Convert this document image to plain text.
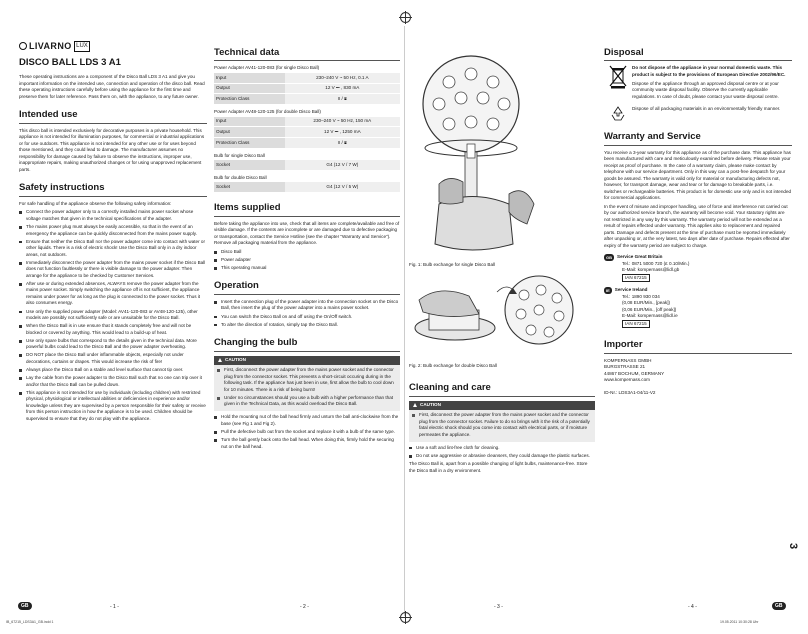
LIVARNO LUX
DISCO BALL LDS 3 A1

These operating instructions are a component of the Disco Ball LDS 3 A1 and give you important information on the intended use, connection and operation of the disco ball. Read these operating instructions carefully before using the appliance for the first time and preserve them for later reference. Pass them on, with the appliance, to any future owner.

Intended use

This disco ball is intended exclusively for decorative purposes in a private household. This appliance is not intended for illumination purposes, for commercial or industrial applications or for use outdoors. This appliance is not intended for any other use or for uses beyond those mentioned, and they could lead to damage. The manufacturer assumes no responsibility for damage caused by failure to observe the instructions, improper use, inappropriate repairs, making unauthorized changes or for using unapproved replacement parts.

Safety instructions

For safe handling of the appliance observe the following safety information:

Connect the power adapter only to a correctly installed mains power socket whose voltage matches that given in the technical specifications of the adapter.
The mains power plug must always be easily accessible, so that in the event of an emergency the appliance can be quickly disconnected from the mains power supply.
Ensure that neither the Disco Ball nor the power adapter come into contact with water or other liquids. There is a risk of electric shock! Use the Disco Ball only in a dry indoor areas, not outdoors.
Immediately disconnect the power adapter from the mains power socket if the Disco Ball does not function faultlessly or there is visible damage to the power adapter. Then arrange for the appliance to be checked by Customer Services.
After use or during extended absences, ALWAYS remove the power adapter from the mains power socket. Simply switching the appliance off is not sufficient, the appliance remains under power for as long as the plug is connected to the power socket. Thus it also consumes energy.
Use only the supplied power adapter (Model: AV41-120-083 or AV48-120-125), other models are possibly not sufficiently safe or are unsuitable for the Disco Ball.
When the Disco Ball is in use ensure that it stands completely free and will not be blocked or covered by anything. This would lead to a build-up of heat.
Use only spare bulbs that correspond to the details given in the technical data. More powerful bulbs could lead to the Disco Ball and the power adapter overheating.
DO NOT place the Disco Ball under inflammable objects, especially not under decorations, curtains or drapes. This would increase the risk of fire!
Always place the Disco Ball on a stable and level surface that cannot tip over.
Lay the cable from the power adapter to the Disco Ball such that no one can trip over it and/or that the Disco Ball can be pulled down.
This appliance is not intended for use by individuals (including children) with restricted physical, physiological or intellectual abilities or deficiencies in experience and/or knowledge unless they are supervised by a person responsible for their safety or receive from this person instruction in how the appliance is to be used. Children should be supervised to ensure that they do not play with the appliance.
Technical data

Power Adapter AV41-120-083 (for single Disco Ball)

Input	230–240 V ~ 50 Hz, 0.1 A
Output	12 V ⎓ , 830 mA
Protection Class	II / ⧈

Power Adapter AV48-120-125 (for double Disco Ball)

Input	230–240 V ~ 50 Hz, 150 mA
Output	12 V ⎓ , 1250 mA
Protection Class	II / ⧈

Bulb for single Disco Ball

Socket	G4 (12 V / 7 W)

Bulb for double Disco Ball

Socket	G4 (12 V / 5 W)
Items supplied

Before taking the appliance into use, check that all items are complete/available and free of visible damage. If the contents are incomplete or are damaged due to defective packaging or transportation, contact the Service Hotline (see the chapter "Warranty and Service"). Remove all packaging material from the appliance.

Disco Ball
Power adapter
This operating manual
Operation
Insert the connection plug of the power adapter into the connection socket on the Disco Ball, then insert the plug of the power adapter into a mains power socket.
You can switch the Disco Ball on and off using the On/Off switch.
To alter the direction of rotation, simply tap the Disco Ball.
Changing the bulb
CAUTION
First, disconnect the power adapter from the mains power socket and the connector plug from the connector socket. This prevents a short-circuit occuring during in the following task. If the appliance has just been in use, first allow the bulb to cool down for 10 minutes. There is a risk of being burnt!
Under no circumstances should you use a bulb with a higher performance than that given in the Technical Data, as this would overload the Disco Ball.
Hold the mounting nut of the ball head firmly and unturn the ball anti-clockwise from the base (see Fig 1 and Fig 2).
Pull the defective bulb out from the socket and replace it with a bulb of the same type.
Turn the ball gently back onto the ball head. When doing this, firmly hold the securing nut on the ball head.

Fig. 1: Bulb exchange for single Disco Ball

Fig. 2: Bulb exchange for double Disco Ball

Cleaning and care
CAUTION
First, disconnect the power adapter from the mains power socket and the connector plug from the connector socket. Failure to do so brings with it the risk of a potentially fatal electric shock should you come into contact with electrical parts, or if moisture permeates the appliance.
Use a soft and lint-free cloth for cleaning.
Do not use aggressive or abrasive cleansers, they could damage the plastic surfaces.

The Disco Ball is, apart from a possible changing of light bulbs, maintenance-free. Store the Disco Ball in a dry environment.

Disposal

Do not dispose of the appliance in your normal domestic waste. This product is subject to the provisions of European Directive 2002/96/EC.

Dispose of the appliance through an approved disposal centre or at your community waste disposal facility. Observe the currently applicable regulations. In case of doubt, please contact your waste disposal centre.

Dispose of all packaging materials in an environmentally friendly manner.

Warranty and Service

You receive a 3-year warranty for this appliance as of the purchase date. This appliance has been manufactured with care and meticulously examined before delivery. Please retain your receipt as proof of purchase. In the case of a warranty claim, please make contact by telephone with our service department. Only in this way can a post-free despatch for your goods be assured. The warranty is valid only for material or manufacturing defects not, however, for transport damage, wear and tear or for damage to breakable parts, i.e. switches or rechargeable batteries. This product is for domestic use only and is not intended for commercial applications.

In the event of misuse and improper handling, use of force and interference not carried out by our authorized service branch, the warranty will become void. Your statutory rights are not restricted in any way by this warranty. The warranty period will not be extended as a result of repairs effected under warranty. This applies also to replacement and repaired parts. Damage and defects present at the time of purchase must be reported immediately after unpacking or, at the very latest, two days after date of purchase. Repairs effected after expiry of the warranty period are subject to charge.

GB	Service Great Britain
Tel.: 0871 5000 720 (£ 0.10/Min.)
E-Mail: kompernass@lidl.gb
IAN 67215
IE	Service Ireland
Tel.: 1890 930 034
(0,08 EUR/Min., [peak])
(0,06 EUR/Min., [off peak])
E-Mail: kompernass@lidl.ie
IAN 67215
Importer
KOMPERNASS GMBH
BURGSTRASSE 21
44867 BOCHUM, GERMANY
www.kompernass.com

ID-Nr.: LDS3A1-04/11-V2

3
GB	- 1 -	- 2 -	- 3 -	- 4 -	GB
IB_67215_LDS3A1_GB.indd 1	19.05.2011 10:30:28 Uhr
